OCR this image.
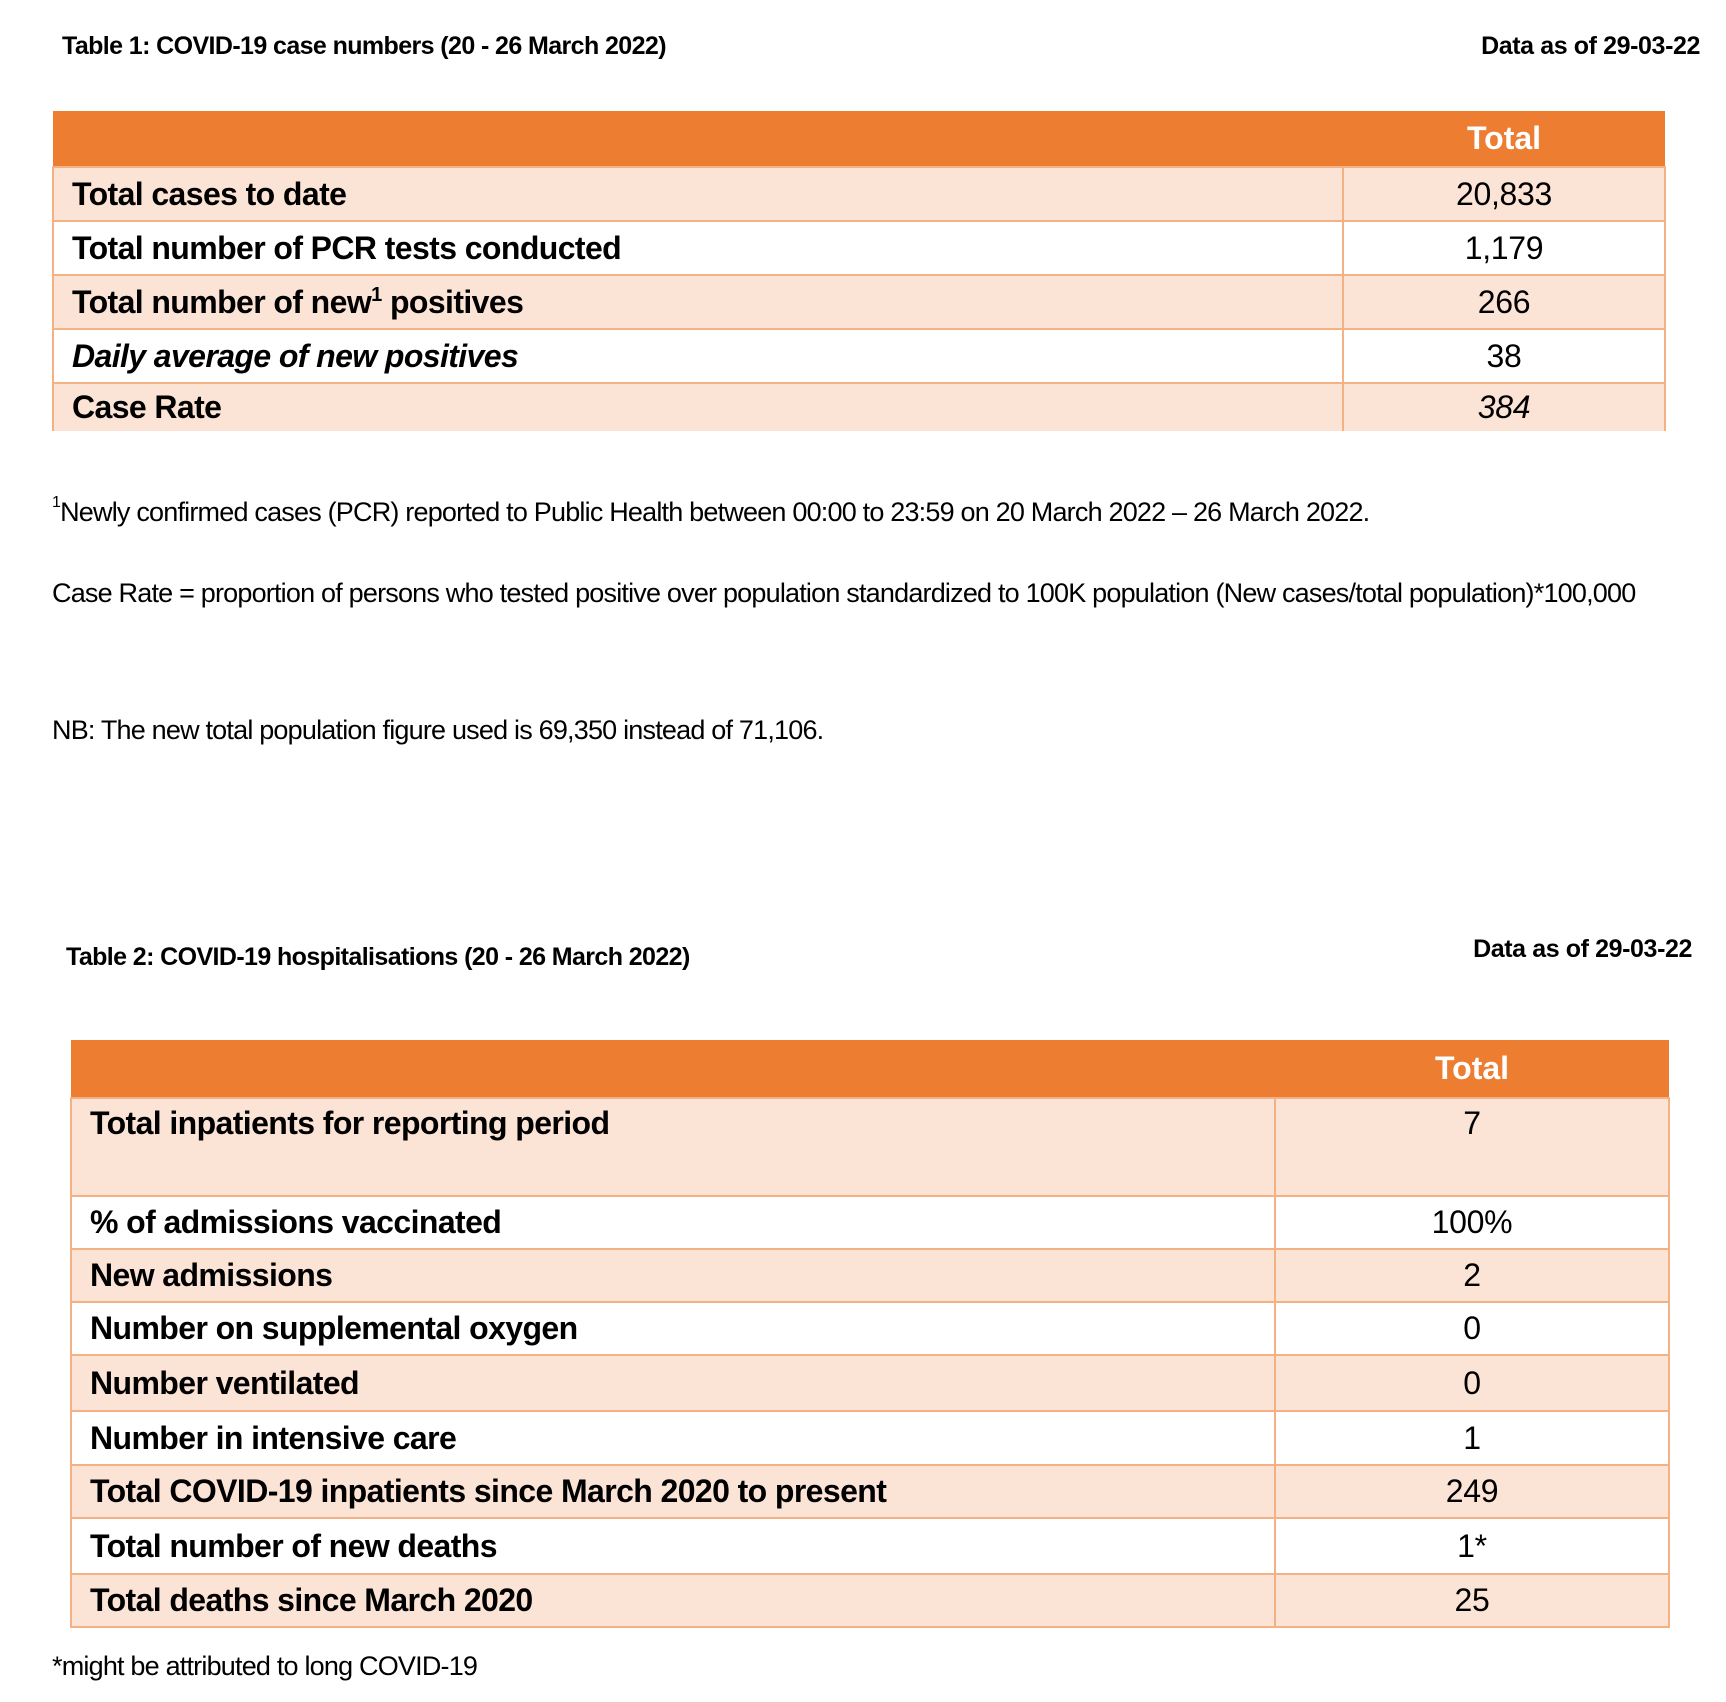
Table 1: COVID-19 case numbers (20 - 26 March 2022)	Data as of 29-03-22
	Total
Total cases to date	20,833
Total number of PCR tests conducted	1,179
Total number of new$^1$ positives	266
Daily average of new positives	38
Case Rate	384
$^1$Newly confirmed cases (PCR) reported to Public Health between 00:00 to 23:59 on 20 March 2022 – 26 March 2022.
Case Rate = proportion of persons who tested positive over population standardized to 100K population (New cases/total population)*100,000
NB: The new total population figure used is 69,350 instead of 71,106.
Table 2: COVID-19 hospitalisations (20 - 26 March 2022)	Data as of 29-03-22
	Total
Total inpatients for reporting period	7
% of admissions vaccinated	100%
New admissions	2
Number on supplemental oxygen	0
Number ventilated	0
Number in intensive care	1
Total COVID-19 inpatients since March 2020 to present	249
Total number of new deaths	1*
Total deaths since March 2020	25
*might be attributed to long COVID-19
